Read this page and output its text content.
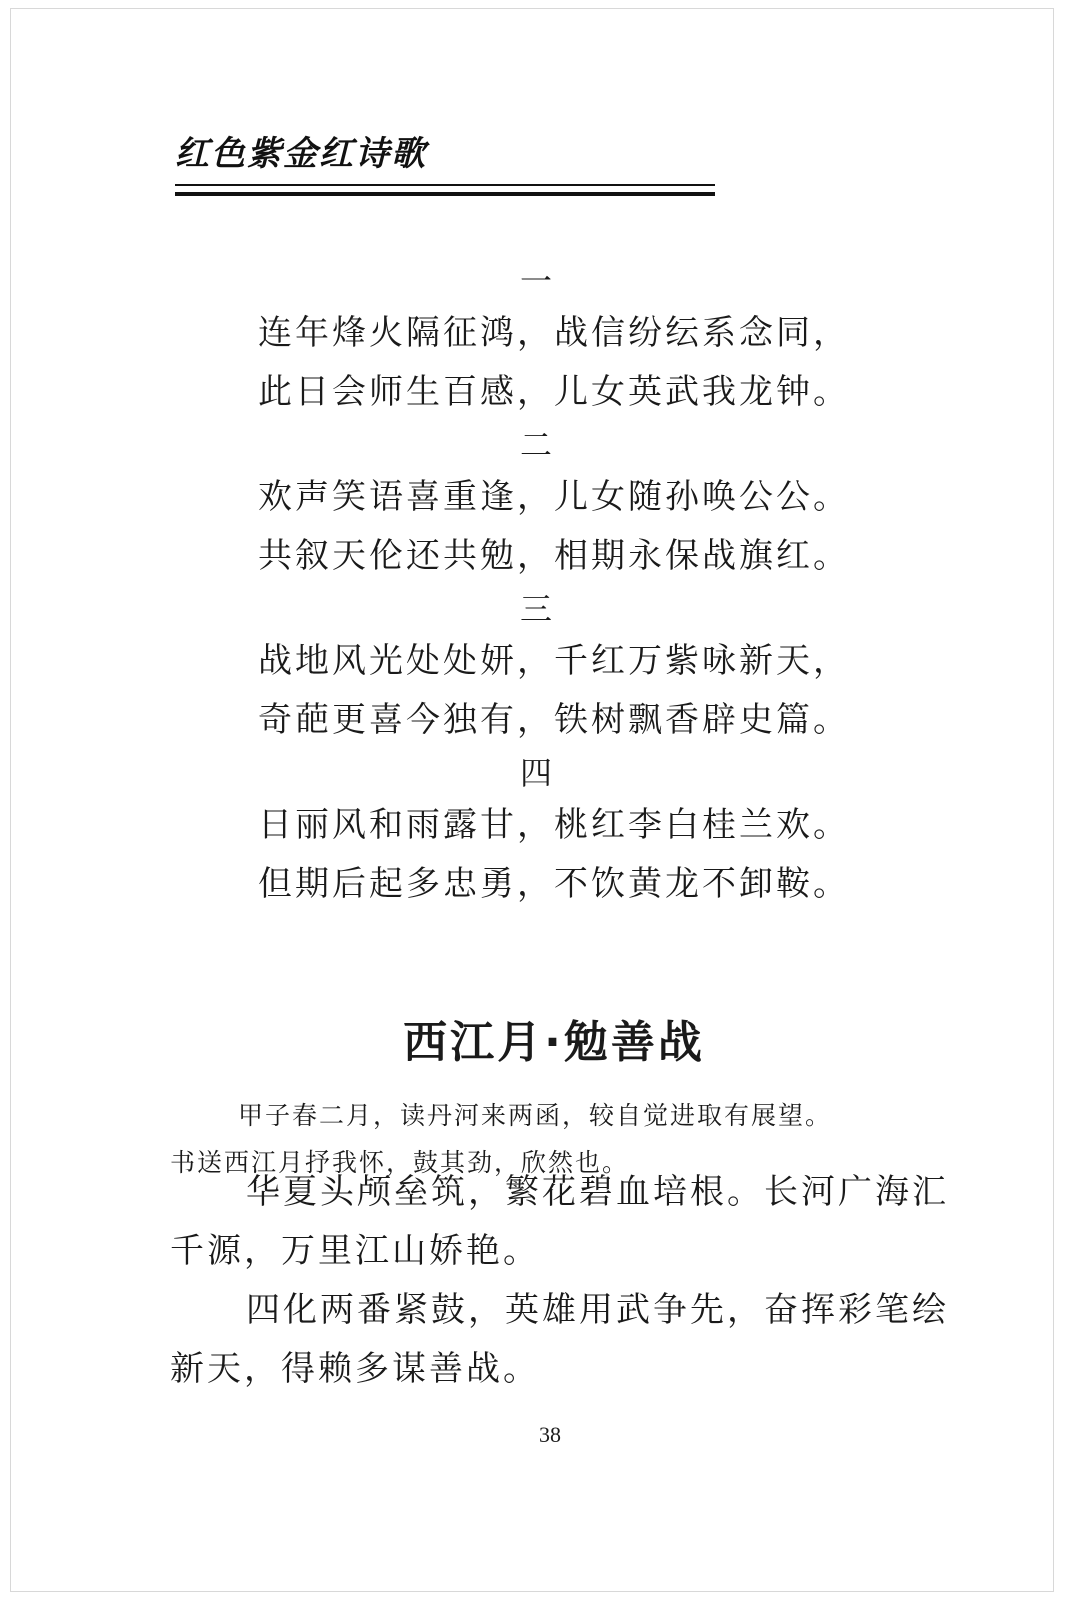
红色紫金红诗歌
一
连年烽火隔征鸿，战信纷纭系念同，
此日会师生百感，儿女英武我龙钟。
二
欢声笑语喜重逢，儿女随孙唤公公。
共叙天伦还共勉，相期永保战旗红。
三
战地风光处处妍，千红万紫咏新天，
奇葩更喜今独有，铁树飘香辟史篇。
四
日丽风和雨露甘，桃红李白桂兰欢。
但期后起多忠勇，不饮黄龙不卸鞍。
西江月·勉善战

甲子春二月，读丹河来两函，较自觉进取有展望。

书送西江月抒我怀，鼓其劲，欣然也。

华夏头颅垒筑，繁花碧血培根。长河广海汇千源，万里江山娇艳。

四化两番紧鼓，英雄用武争先，奋挥彩笔绘新天，得赖多谋善战。

38
